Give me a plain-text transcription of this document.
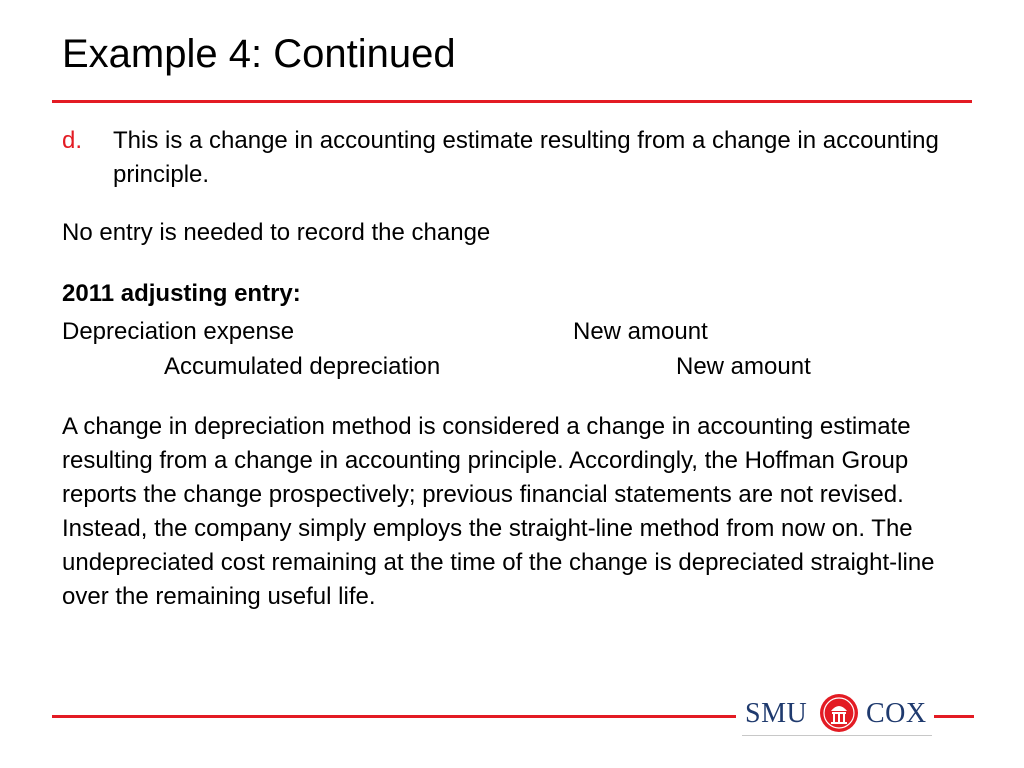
Example 4: Continued
d. This is a change in accounting estimate resulting from a change in accounting principle.
No entry is needed to record the change
2011 adjusting entry:
Depreciation expense	New amount
Accumulated depreciation	New amount
A change in depreciation method is considered a change in accounting estimate resulting from a change in accounting principle. Accordingly, the Hoffman Group reports the change prospectively; previous financial statements are not revised. Instead, the company simply employs the straight-line method from now on. The undepreciated cost remaining at the time of the change is depreciated straight-line over the remaining useful life.
SMU COX
